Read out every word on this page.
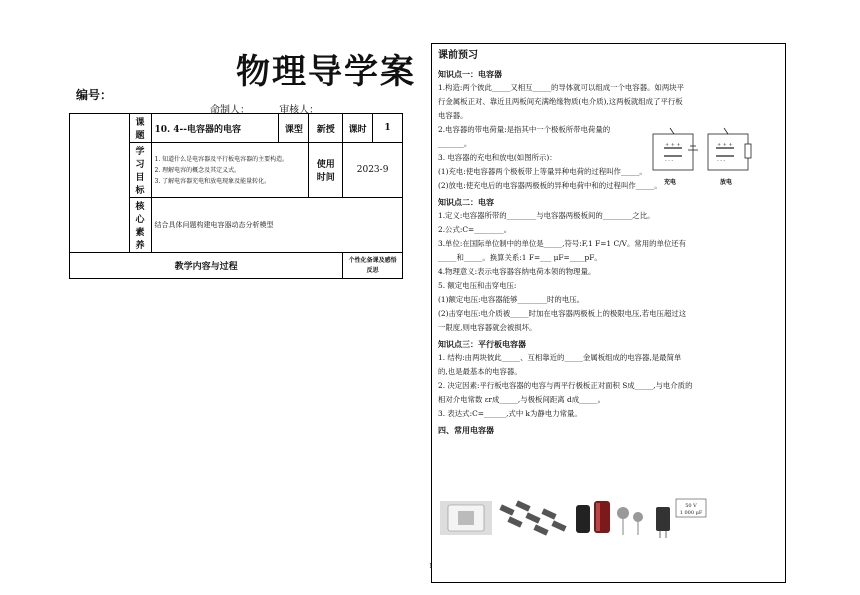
物理导学案
编号：
命制人：	审核人：
	课题	10. 4--电容器的电容	课型	新授	课时	1
	学习目标	1. 知道什么是电容器及平行板电容器的主要构造。
2. 理解电容的概念及其定义式。
3. 了解电容器充电和放电现象及能量转化。		使用时间	2023-9	
	核心素养	结合具体问题构建电容器动态分析模型				
教学内容与过程					个性化备课及感悟反思	
课前预习
知识点一：电容器
1.构造:两个彼此_____又相互_____的导体就可以组成一个电容器。如两块平
行金属板正对、靠近且两板间充满绝缘物质(电介质),这两板就组成了平行板
电容器。
2.电容器的带电荷量:是指其中一个极板所带电荷量的
_______。
3. 电容器的充电和放电(如图所示)：
(1)充电:使电容器两个极板带上等量异种电荷的过程叫作_____。
(2)放电:使充电后的电容器两极板的异种电荷中和的过程叫作_____。
知识点二：电容
1.定义:电容器所带的________与电容器两极板间的________之比。
2.公式:C=________。
3.单位:在国际单位制中的单位是_____,符号:F,1 F=1 C/V。常用的单位还有
_____和_____。换算关系:1 F=___ μF=____pF。
4.物理意义:表示电容器容纳电荷本领的物理量。
5. 额定电压和击穿电压:
(1)额定电压:电容器能够________时的电压。
(2)击穿电压:电介质被_____时加在电容器两极板上的极限电压,若电压超过这
一限度,则电容器就会被损坏。
知识点三：平行板电容器
1. 结构:由两块彼此_____、互相靠近的_____金属板组成的电容器,是最简单
的,也是最基本的电容器。
2. 决定因素:平行板电容器的电容与两平行极板正对面积 S成_____,与电介质的
相对介电常数 εr成_____,与极板间距离 d成_____。
3. 表达式:C=______,式中 k为静电力常量。
四、常用电容器
+ + +
- - -
+ + +
- - -
充电	放电
50 V
1 000 μF
1
